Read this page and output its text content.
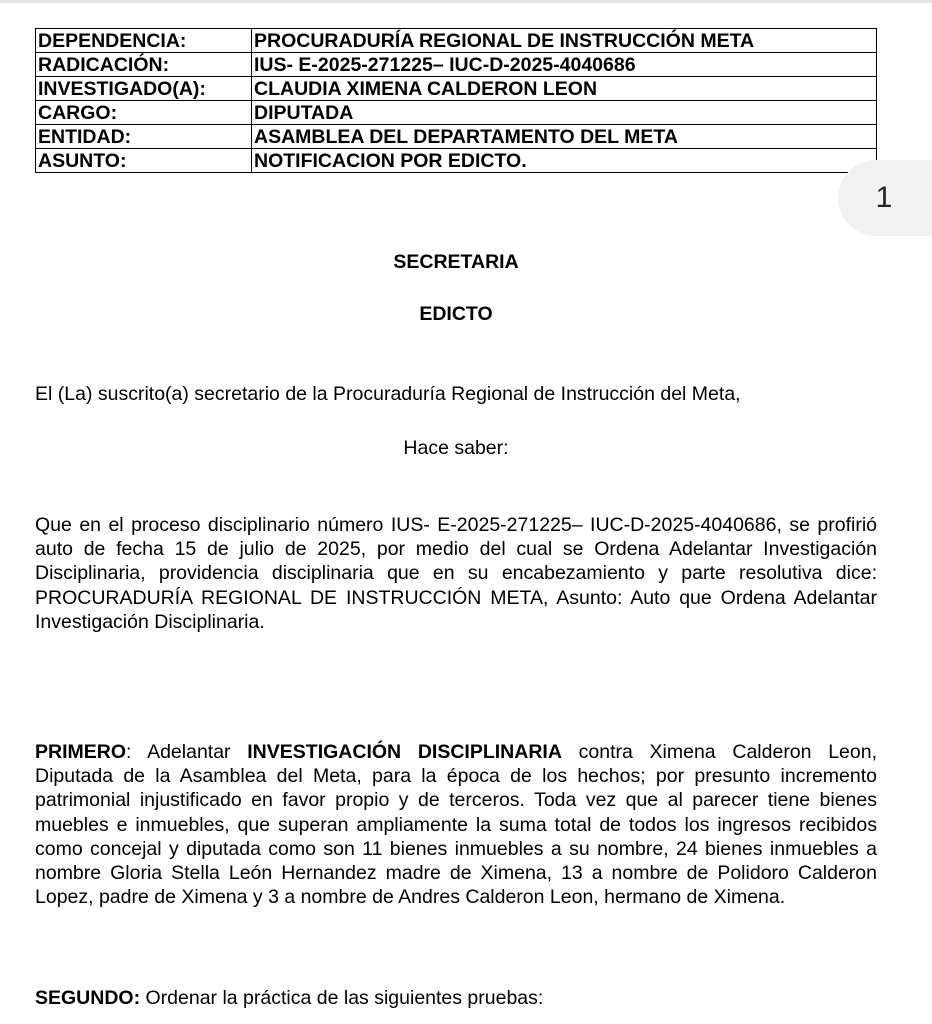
DEPENDENCIA:	PROCURADURÍA REGIONAL DE INSTRUCCIÓN META
RADICACIÓN:	IUS- E-2025-271225– IUC-D-2025-4040686
INVESTIGADO(A):	CLAUDIA XIMENA CALDERON LEON
CARGO:	DIPUTADA
ENTIDAD:	ASAMBLEA DEL DEPARTAMENTO DEL META
ASUNTO:	NOTIFICACION POR EDICTO.
1
SECRETARIA
EDICTO
El (La) suscrito(a) secretario de la Procuraduría Regional de Instrucción del Meta,
Hace saber:
Que en el proceso disciplinario número IUS- E-2025-271225– IUC-D-2025-4040686, se profirió auto de fecha 15 de julio de 2025, por medio del cual se Ordena Adelantar Investigación Disciplinaria, providencia disciplinaria que en su encabezamiento y parte resolutiva dice: PROCURADURÍA REGIONAL DE INSTRUCCIÓN META, Asunto: Auto que Ordena Adelantar Investigación Disciplinaria.
PRIMERO: Adelantar INVESTIGACIÓN DISCIPLINARIA contra Ximena Calderon Leon, Diputada de la Asamblea del Meta, para la época de los hechos; por presunto incremento patrimonial injustificado en favor propio y de terceros. Toda vez que al parecer tiene bienes muebles e inmuebles, que superan ampliamente la suma total de todos los ingresos recibidos como concejal y diputada como son 11 bienes inmuebles a su nombre, 24 bienes inmuebles a nombre Gloria Stella León Hernandez madre de Ximena, 13 a nombre de Polidoro Calderon Lopez, padre de Ximena y 3 a nombre de Andres Calderon Leon, hermano de Ximena.
SEGUNDO: Ordenar la práctica de las siguientes pruebas:
